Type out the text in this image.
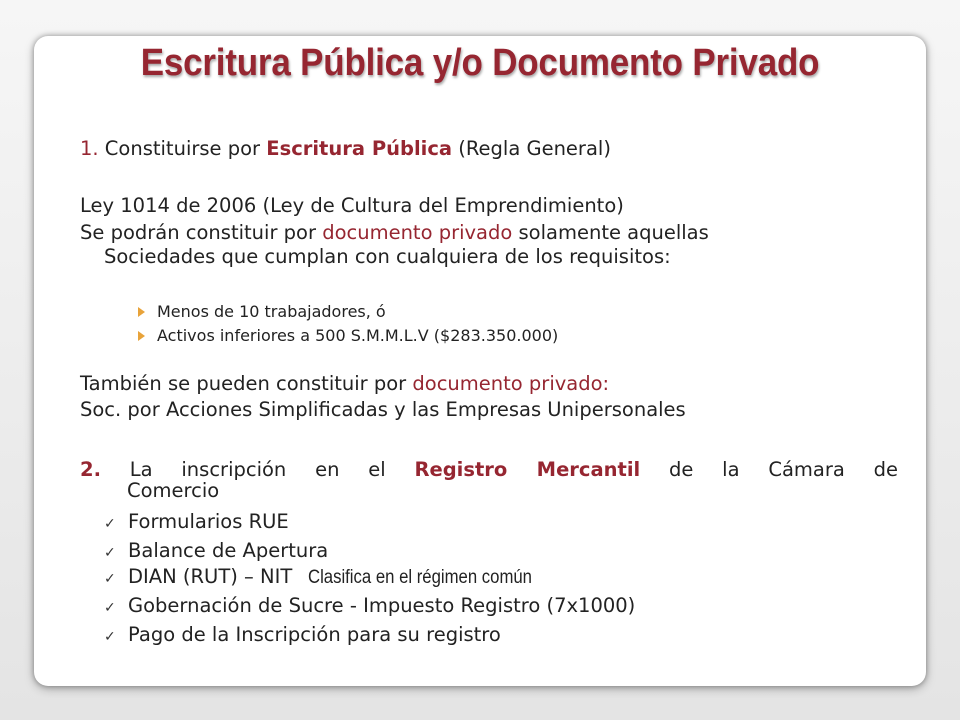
Escritura Pública y/o Documento Privado
1. Constituirse por Escritura Pública (Regla General)
Ley 1014 de 2006 (Ley de Cultura del Emprendimiento)
Se podrán constituir por documento privado solamente aquellas
Sociedades que cumplan con cualquiera de los requisitos:
Menos de 10 trabajadores, ó
Activos inferiores a 500 S.M.M.L.V ($283.350.000)
También se pueden constituir por documento privado:
Soc. por Acciones Simplificadas y las Empresas Unipersonales
2. La inscripción en el Registro Mercantil de la Cámara de
Comercio
✓ Formularios RUE
✓ Balance de Apertura
✓ DIAN (RUT) – NIT Clasifica en el régimen común
✓ Gobernación de Sucre - Impuesto Registro (7x1000)
✓ Pago de la Inscripción para su registro
